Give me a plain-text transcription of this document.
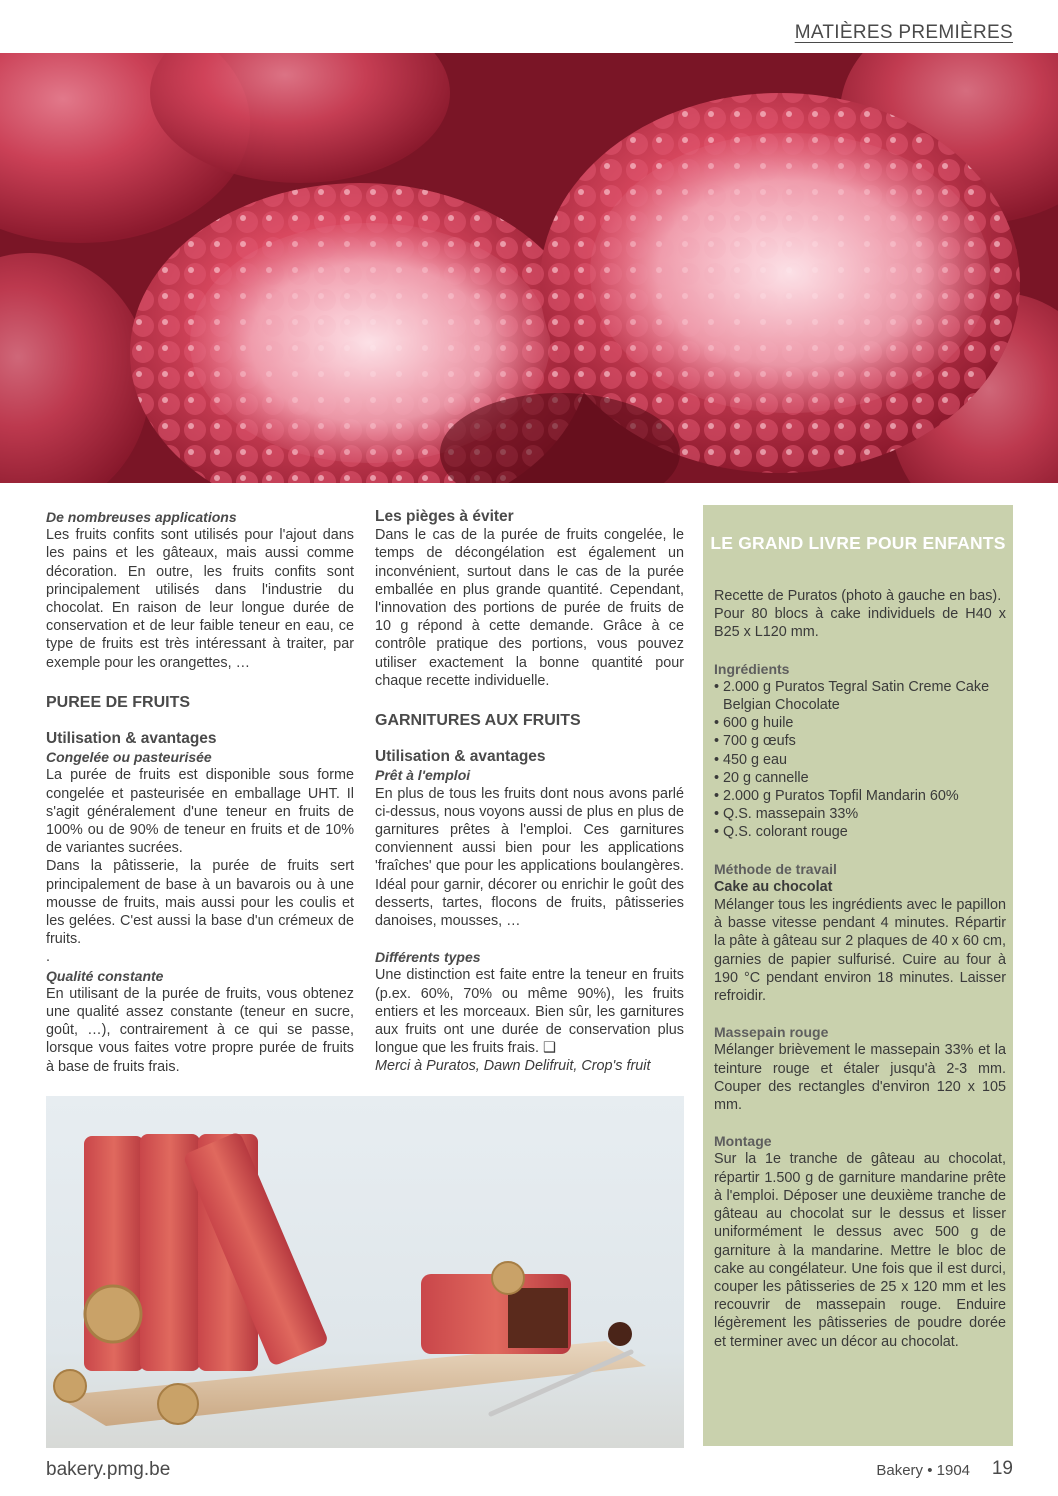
MATIÈRES PREMIÈRES
De nombreuses applications

Les fruits confits sont utilisés pour l'ajout dans les pains et les gâteaux, mais aussi comme décoration. En outre, les fruits confits sont principalement utilisés dans l'industrie du chocolat. En raison de leur longue durée de conservation et de leur faible teneur en eau, ce type de fruits est très intéressant à traiter, par exemple pour les orangettes, …

PUREE DE FRUITS
Utilisation & avantages
Congelée ou pasteurisée

La purée de fruits est disponible sous forme congelée et pasteurisée en emballage UHT. Il s'agit généralement d'une teneur en fruits de 100% ou de 90% de teneur en fruits et de 10% de variantes sucrées.

Dans la pâtisserie, la purée de fruits sert principalement de base à un bavarois ou à une mousse de fruits, mais aussi pour les coulis et les gelées. C'est aussi la base d'un crémeux de fruits.

.

Qualité constante

En utilisant de la purée de fruits, vous obtenez une qualité assez constante (teneur en sucre, goût, …), contrairement à ce qui se passe, lorsque vous faites votre propre purée de fruits à base de fruits frais.

Les pièges à éviter

Dans le cas de la purée de fruits congelée, le temps de décongélation est également un inconvénient, surtout dans le cas de la purée emballée en plus grande quantité. Cependant, l'innovation des portions de purée de fruits de 10 g répond à cette demande. Grâce à ce contrôle pratique des portions, vous pouvez utiliser exactement la bonne quantité pour chaque recette individuelle.

GARNITURES AUX FRUITS
Utilisation & avantages
Prêt à l'emploi

En plus de tous les fruits dont nous avons parlé ci-dessus, nous voyons aussi de plus en plus de garnitures prêtes à l'emploi. Ces garnitures conviennent aussi bien pour les applications 'fraîches' que pour les applications boulangères. Idéal pour garnir, décorer ou enrichir le goût des desserts, tartes, flocons de fruits, pâtisseries danoises, mousses, …

Différents types

Une distinction est faite entre la teneur en fruits (p.ex. 60%, 70% ou même 90%), les fruits entiers et les morceaux. Bien sûr, les garnitures aux fruits ont une durée de conservation plus longue que les fruits frais. ❑

Merci à Puratos, Dawn Delifruit, Crop's fruit

LE GRAND LIVRE POUR ENFANTS

Recette de Puratos (photo à gauche en bas).

Pour 80 blocs à cake individuels de H40 x B25 x L120 mm.

Ingrédients
• 2.000 g Puratos Tegral Satin Creme Cake Belgian Chocolate
• 600 g huile
• 700 g œufs
• 450 g eau
• 20 g cannelle
• 2.000 g Puratos Topfil Mandarin 60%
• Q.S. massepain 33%
• Q.S. colorant rouge
Méthode de travail
Cake au chocolat

Mélanger tous les ingrédients avec le papillon à basse vitesse pendant 4 minutes. Répartir la pâte à gâteau sur 2 plaques de 40 x 60 cm, garnies de papier sulfurisé. Cuire au four à 190 °C pendant environ 18 minutes. Laisser refroidir.

Massepain rouge

Mélanger brièvement le massepain 33% et la teinture rouge et étaler jusqu'à 2-3 mm. Couper des rectangles d'environ 120 x 105 mm.

Montage

Sur la 1e tranche de gâteau au chocolat, répartir 1.500 g de garniture mandarine prête à l'emploi. Déposer une deuxième tranche de gâteau au chocolat sur le dessus et lisser uniformément le dessus avec 500 g de garniture à la mandarine. Mettre le bloc de cake au congélateur. Une fois que il est durci, couper les pâtisseries de 25 x 120 mm et les recouvrir de massepain rouge. Enduire légèrement les pâtisseries de poudre dorée et terminer avec un décor au chocolat.

bakery.pmg.be	Bakery • 1904 19
